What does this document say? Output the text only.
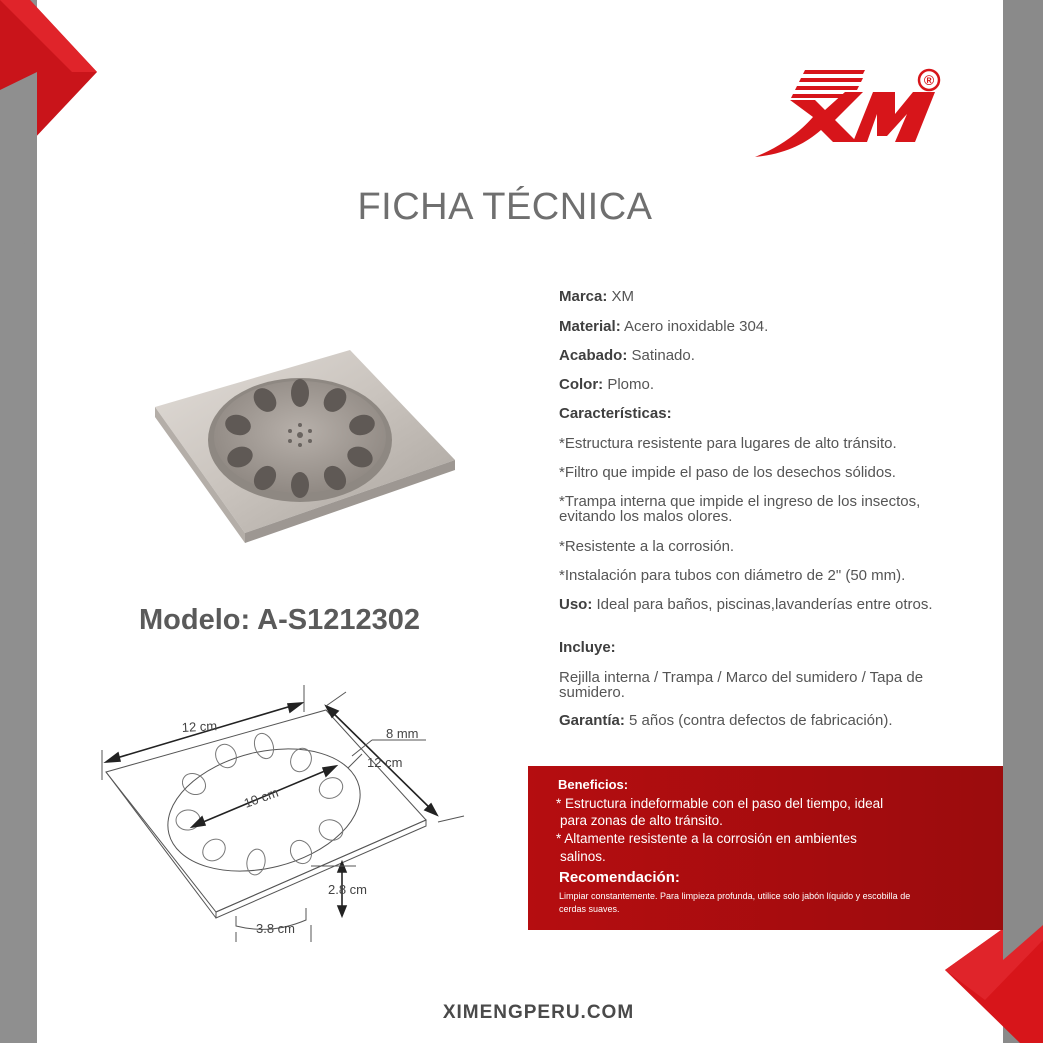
®
FICHA TÉCNICA
Modelo: A-S1212302
12 cm	8 mm
12 cm
10 cm
2.8 cm
3.8 cm

Marca: XM

Material: Acero inoxidable 304.

Acabado: Satinado.

Color: Plomo.

Características:

*Estructura resistente para lugares de alto tránsito.

*Filtro que impide el paso de los desechos sólidos.

*Trampa interna que impide el ingreso de los insectos, evitando los malos olores.

*Resistente a la corrosión.

*Instalación para tubos con diámetro de 2" (50 mm).

Uso: Ideal para baños, piscinas,lavanderías entre otros.

Incluye:

Rejilla interna / Trampa / Marco del sumidero / Tapa de sumidero.

Garantía: 5 años (contra defectos de fabricación).

Beneficios:
* Estructura indeformable con el paso del tiempo, ideal
para zonas de alto tránsito.
* Altamente resistente a la corrosión en ambientes
salinos.
Recomendación:
Limpiar constantemente. Para limpieza profunda, utilice solo jabón líquido y escobilla de cerdas suaves.
XIMENGPERU.COM
